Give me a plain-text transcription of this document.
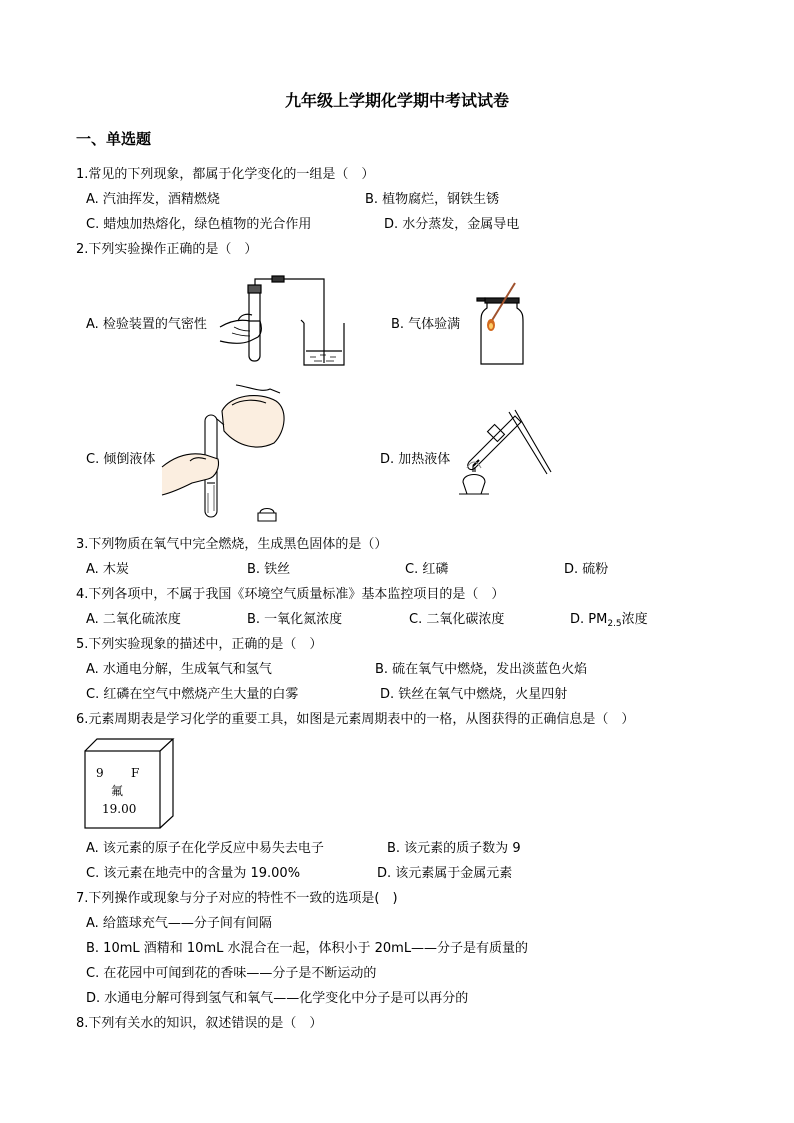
九年级上学期化学期中考试试卷
一、单选题
1.常见的下列现象，都属于化学变化的一组是（　）
A. 汽油挥发，酒精燃烧	B. 植物腐烂，钢铁生锈
C. 蜡烛加热熔化，绿色植物的光合作用	D. 水分蒸发，金属导电
2.下列实验操作正确的是（　）
A. 检验装置的气密性	B. 气体验满
C. 倾倒液体	D. 加热液体
3.下列物质在氧气中完全燃烧，生成黑色固体的是（）
A. 木炭	B. 铁丝	C. 红磷	D. 硫粉
4.下列各项中，不属于我国《环境空气质量标准》基本监控项目的是（　）
A. 二氧化硫浓度	B. 一氧化氮浓度	C. 二氧化碳浓度	D. $PM_{2.5}$浓度
5.下列实验现象的描述中，正确的是（　）
A. 水通电分解，生成氧气和氢气	B. 硫在氧气中燃烧，发出淡蓝色火焰
C. 红磷在空气中燃烧产生大量的白雾	D. 铁丝在氧气中燃烧，火星四射
6.元素周期表是学习化学的重要工具，如图是元素周期表中的一格，从图获得的正确信息是（　）
9 F
氟
19.00
A. 该元素的原子在化学反应中易失去电子	B. 该元素的质子数为 9
C. 该元素在地壳中的含量为 19.00%	D. 该元素属于金属元素
7.下列操作或现象与分子对应的特性不一致的选项是(　)
A. 给篮球充气——分子间有间隔
B. 10mL 酒精和 10mL 水混合在一起，体积小于 20mL——分子是有质量的
C. 在花园中可闻到花的香味——分子是不断运动的
D. 水通电分解可得到氢气和氧气——化学变化中分子是可以再分的
8.下列有关水的知识，叙述错误的是（　）
